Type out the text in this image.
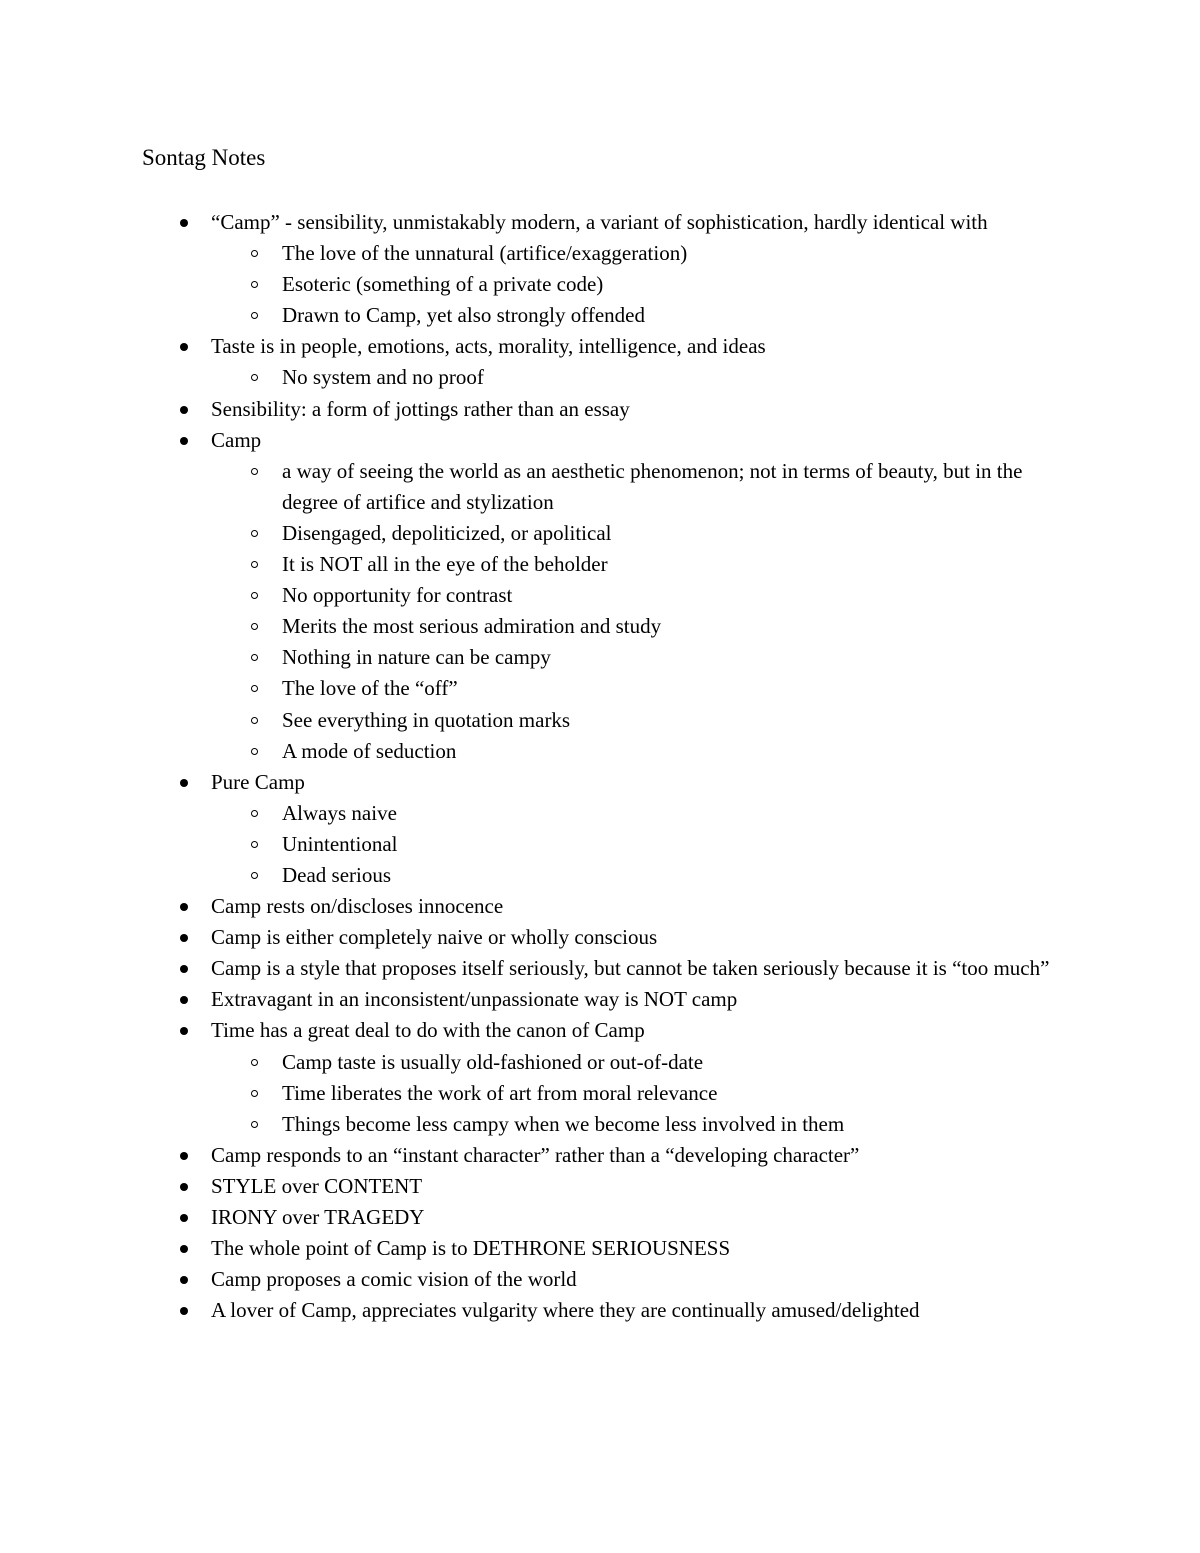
Sontag Notes
“Camp” - sensibility, unmistakably modern, a variant of sophistication, hardly identical with
The love of the unnatural (artifice/exaggeration)
Esoteric (something of a private code)
Drawn to Camp, yet also strongly offended
Taste is in people, emotions, acts, morality, intelligence, and ideas
No system and no proof
Sensibility: a form of jottings rather than an essay
Camp
a way of seeing the world as an aesthetic phenomenon; not in terms of beauty, but in the degree of artifice and stylization
Disengaged, depoliticized, or apolitical
It is NOT all in the eye of the beholder
No opportunity for contrast
Merits the most serious admiration and study
Nothing in nature can be campy
The love of the “off”
See everything in quotation marks
A mode of seduction
Pure Camp
Always naive
Unintentional
Dead serious
Camp rests on/discloses innocence
Camp is either completely naive or wholly conscious
Camp is a style that proposes itself seriously, but cannot be taken seriously because it is “too much”
Extravagant in an inconsistent/unpassionate way is NOT camp
Time has a great deal to do with the canon of Camp
Camp taste is usually old-fashioned or out-of-date
Time liberates the work of art from moral relevance
Things become less campy when we become less involved in them
Camp responds to an “instant character” rather than a “developing character”
STYLE over CONTENT
IRONY over TRAGEDY
The whole point of Camp is to DETHRONE SERIOUSNESS
Camp proposes a comic vision of the world
A lover of Camp, appreciates vulgarity where they are continually amused/delighted
